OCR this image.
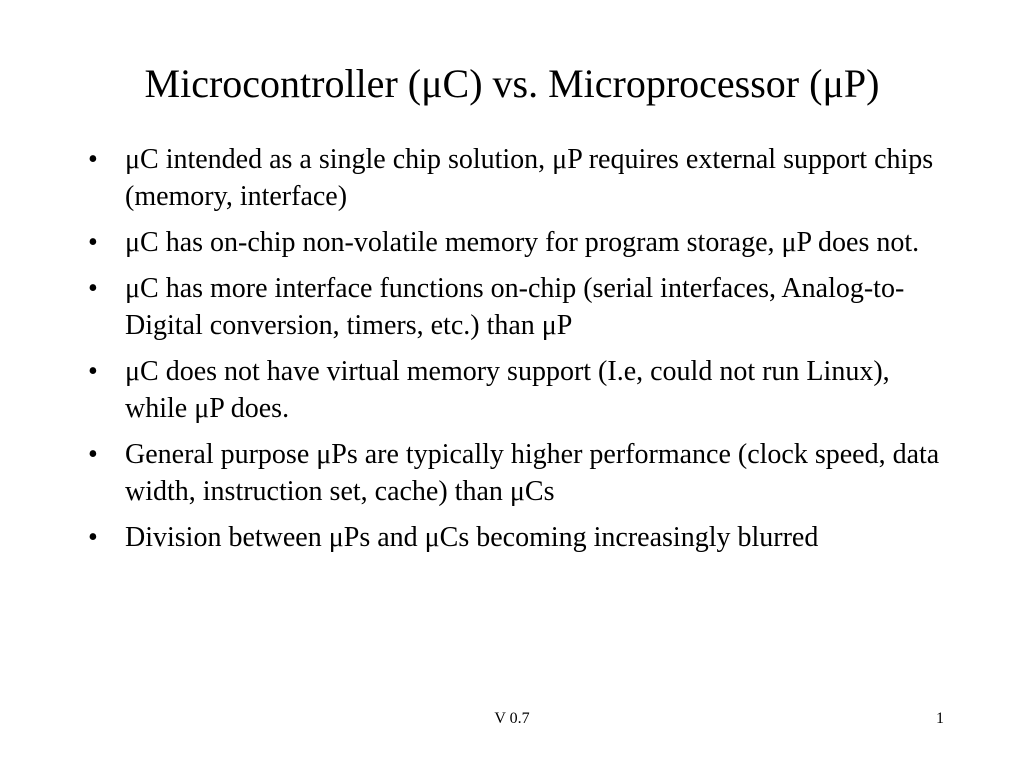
Microcontroller (μC) vs. Microprocessor (μP)
• μC intended as a single chip solution, μP requires external support chips (memory, interface)
• μC has on-chip non-volatile memory for program storage, μP does not.
• μC has more interface functions on-chip (serial interfaces, Analog-to-Digital conversion, timers, etc.) than μP
• μC does not have virtual memory support (I.e, could not run Linux), while μP does.
• General purpose μPs are typically higher performance (clock speed, data width, instruction set, cache) than μCs
• Division between μPs and μCs becoming increasingly blurred
V 0.7	1
